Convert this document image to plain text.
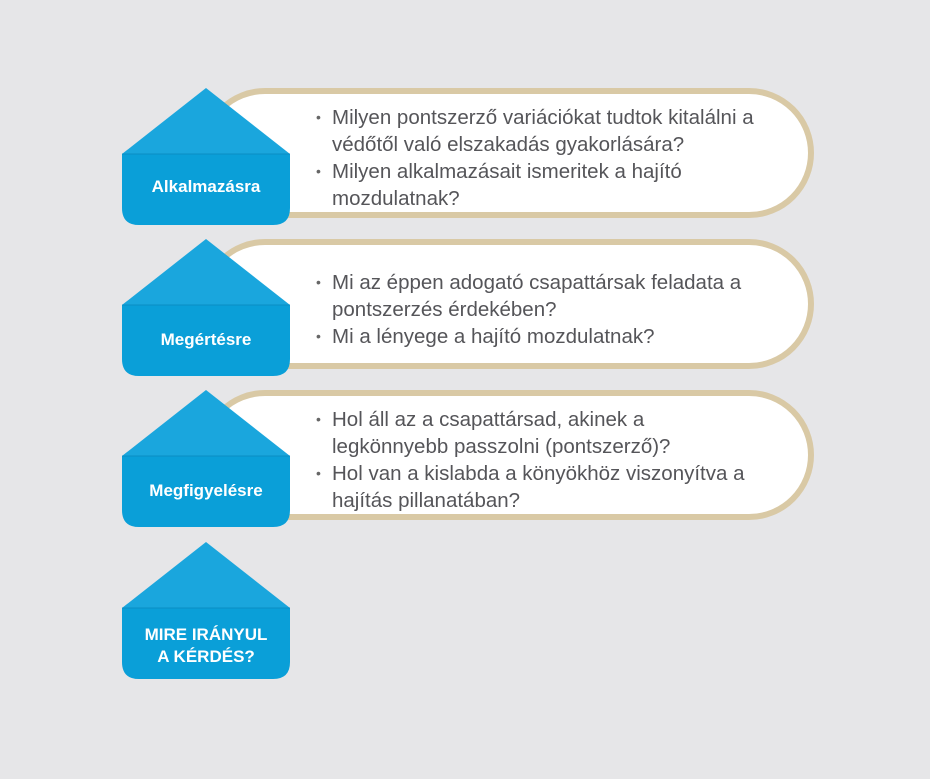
• Milyen pontszerző variációkat tudtok kitalálni a védőtől való elszakadás gyakorlására?
• Milyen alkalmazásait ismeritek a hajító mozdulatnak?
Alkalmazásra
• Mi az éppen adogató csapattársak feladata a pontszerzés érdekében?
• Mi a lényege a hajító mozdulatnak?
Megértésre
• Hol áll az a csapattársad, akinek a legkönnyebb passzolni (pontszerző)?
• Hol van a kislabda a könyökhöz viszonyítva a hajítás pillanatában?
Megfigyelésre
MIRE IRÁNYUL
A KÉRDÉS?
